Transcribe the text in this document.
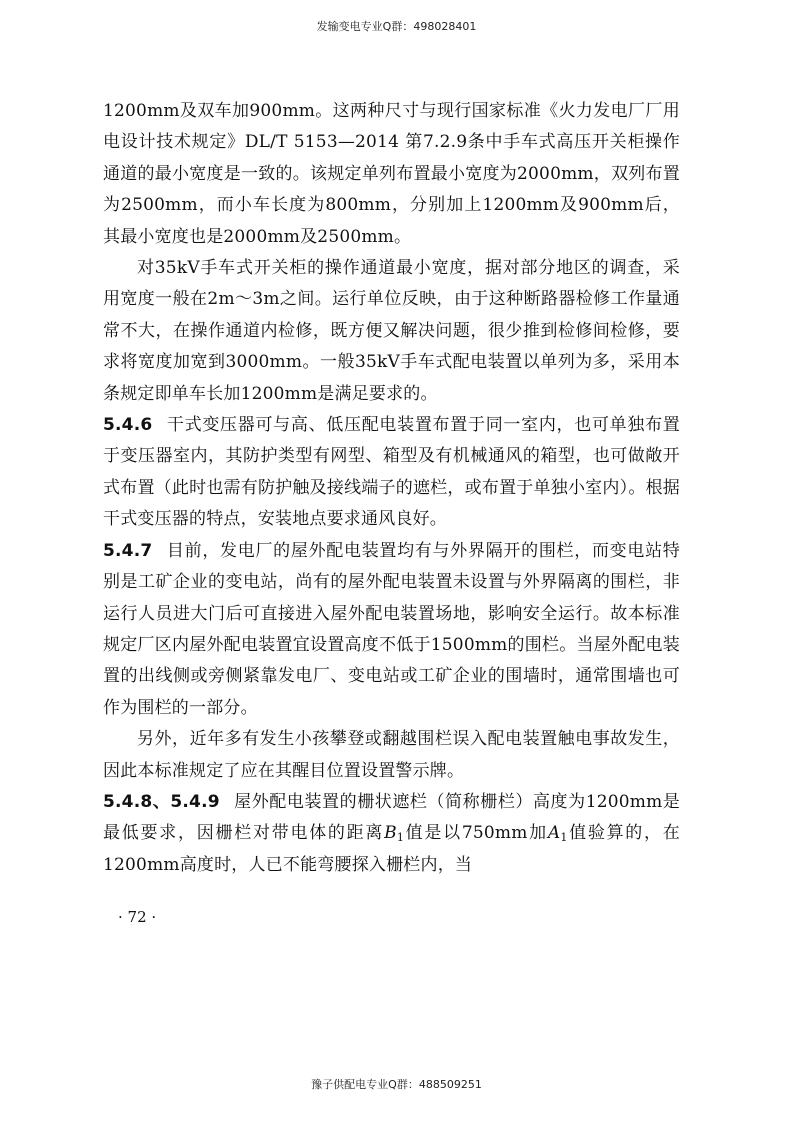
发输变电专业Q群：498028401

1200mm及双车加900mm。这两种尺寸与现行国家标准《火力发电厂厂用电设计技术规定》DL/T 5153—2014 第7.2.9条中手车式高压开关柜操作通道的最小宽度是一致的。该规定单列布置最小宽度为2000mm，双列布置为2500mm，而小车长度为800mm，分别加上1200mm及900mm后，其最小宽度也是2000mm及2500mm。

对35kV手车式开关柜的操作通道最小宽度，据对部分地区的调查，采用宽度一般在2m～3m之间。运行单位反映，由于这种断路器检修工作量通常不大，在操作通道内检修，既方便又解决问题，很少推到检修间检修，要求将宽度加宽到3000mm。一般35kV手车式配电装置以单列为多，采用本条规定即单车长加1200mm是满足要求的。

5.4.6 干式变压器可与高、低压配电装置布置于同一室内，也可单独布置于变压器室内，其防护类型有网型、箱型及有机械通风的箱型，也可做敞开式布置（此时也需有防护触及接线端子的遮栏，或布置于单独小室内）。根据干式变压器的特点，安装地点要求通风良好。

5.4.7 目前，发电厂的屋外配电装置均有与外界隔开的围栏，而变电站特别是工矿企业的变电站，尚有的屋外配电装置未设置与外界隔离的围栏，非运行人员进大门后可直接进入屋外配电装置场地，影响安全运行。故本标准规定厂区内屋外配电装置宜设置高度不低于1500mm的围栏。当屋外配电装置的出线侧或旁侧紧靠发电厂、变电站或工矿企业的围墙时，通常围墙也可作为围栏的一部分。

另外，近年多有发生小孩攀登或翻越围栏误入配电装置触电事故发生，因此本标准规定了应在其醒目位置设置警示牌。

5.4.8、5.4.9 屋外配电装置的栅状遮栏（简称栅栏）高度为1200mm是最低要求，因栅栏对带电体的距离$B_1$值是以750mm加$A_1$值验算的，在1200mm高度时，人已不能弯腰探入栅栏内，当

· 72 ·
豫子供配电专业Q群：488509251
